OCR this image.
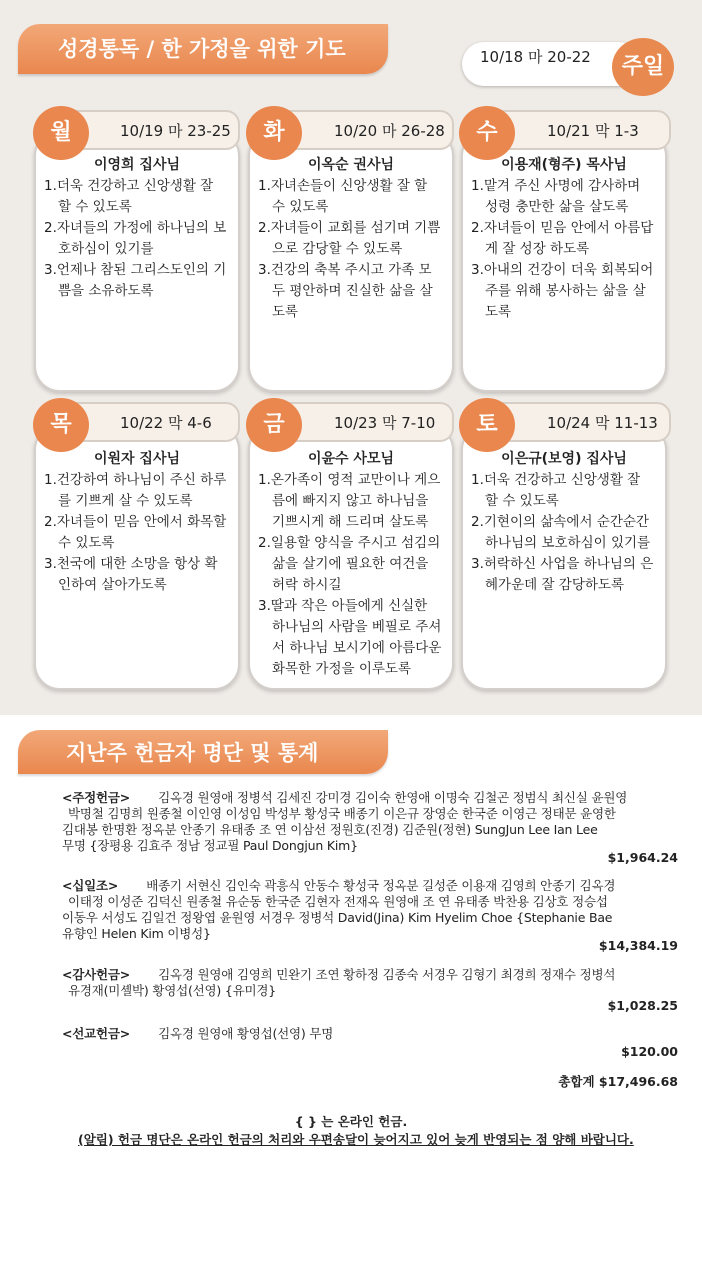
성경통독 / 한 가정을 위한 기도	10/18 마 20-22	주일
이영희 집사님
1.더욱 건강하고 신앙생활 잘 할 수 있도록
2.자녀들의 가정에 하나님의 보호하심이 있기를
3.언제나 참된 그리스도인의 기쁨을 소유하도록
10/19 마 23-25
월
이옥순 권사님
1.자녀손들이 신앙생활 잘 할 수 있도록
2.자녀들이 교회를 섬기며 기쁨으로 감당할 수 있도록
3.건강의 축복 주시고 가족 모두 평안하며 진실한 삶을 살도록
10/20 마 26-28
화
이용재(형주) 목사님
1.맡겨 주신 사명에 감사하며 성령 충만한 삶을 살도록
2.자녀들이 믿음 안에서 아름답게 잘 성장 하도록
3.아내의 건강이 더욱 회복되어 주를 위해 봉사하는 삶을 살도록
10/21 막 1-3
수
이원자 집사님
1.건강하여 하나님이 주신 하루를 기쁘게 살 수 있도록
2.자녀들이 믿음 안에서 화목할 수 있도록
3.천국에 대한 소망을 항상 확인하여 살아가도록
10/22 막 4-6
목
이윤수 사모님
1.온가족이 영적 교만이나 게으름에 빠지지 않고 하나님을 기쁘시게 해 드리며 살도록
2.일용할 양식을 주시고 섬김의 삶을 살기에 필요한 여건을 허락 하시길
3.딸과 작은 아들에게 신실한 하나님의 사람을 베필로 주셔서 하나님 보시기에 아름다운 화목한 가정을 이루도록
10/23 막 7-10
금
이은규(보영) 집사님
1.더욱 건강하고 신앙생활 잘 할 수 있도록
2.기현이의 삶속에서 순간순간 하나님의 보호하심이 있기를
3.허락하신 사업을 하나님의 은혜가운데 잘 감당하도록
10/24 막 11-13
토
지난주 헌금자 명단 및 통계
<주정헌금> 김옥경 원영애 정병석 김세진 강미경 김이숙 한영애 이명숙 김철곤 정범식 최신실 윤원영
박명철 김명희 원종철 이인영 이성임 박성부 황성국 배종기 이은규 장영순 한국준 이영근 정태문 윤영한
김대봉 한명환 정옥분 안종기 유태종 조 연 이삼선 정원호(진경) 김준원(정현) SungJun Lee Ian Lee
무명 {장평용 김효주 정남 정교필 Paul Dongjun Kim}
$1,964.24
<십일조> 배종기 서현신 김인숙 곽흥식 안동수 황성국 정옥분 길성준 이용재 김영희 안종기 김옥경
이태정 이성준 김덕신 원종철 유순동 한국준 김현자 전재옥 원영애 조 연 유태종 박찬용 김상호 정승섭
이동우 서성도 김일건 정왕엽 윤원영 서경우 정병석 David(Jina) Kim Hyelim Choe {Stephanie Bae
유향인 Helen Kim 이병성}
$14,384.19
<감사헌금> 김옥경 원영애 김영희 민완기 조연 황하정 김종숙 서경우 김형기 최경희 정재수 정병석
유경재(미셸박) 황영섭(선영) {유미경}
$1,028.25
<선교헌금> 김옥경 원영애 황영섭(선영) 무명
$120.00
총합계 $17,496.68
{ } 는 온라인 헌금.
(알림) 헌금 명단은 온라인 헌금의 처리와 우편송달이 늦어지고 있어 늦게 반영되는 점 양해 바랍니다.
